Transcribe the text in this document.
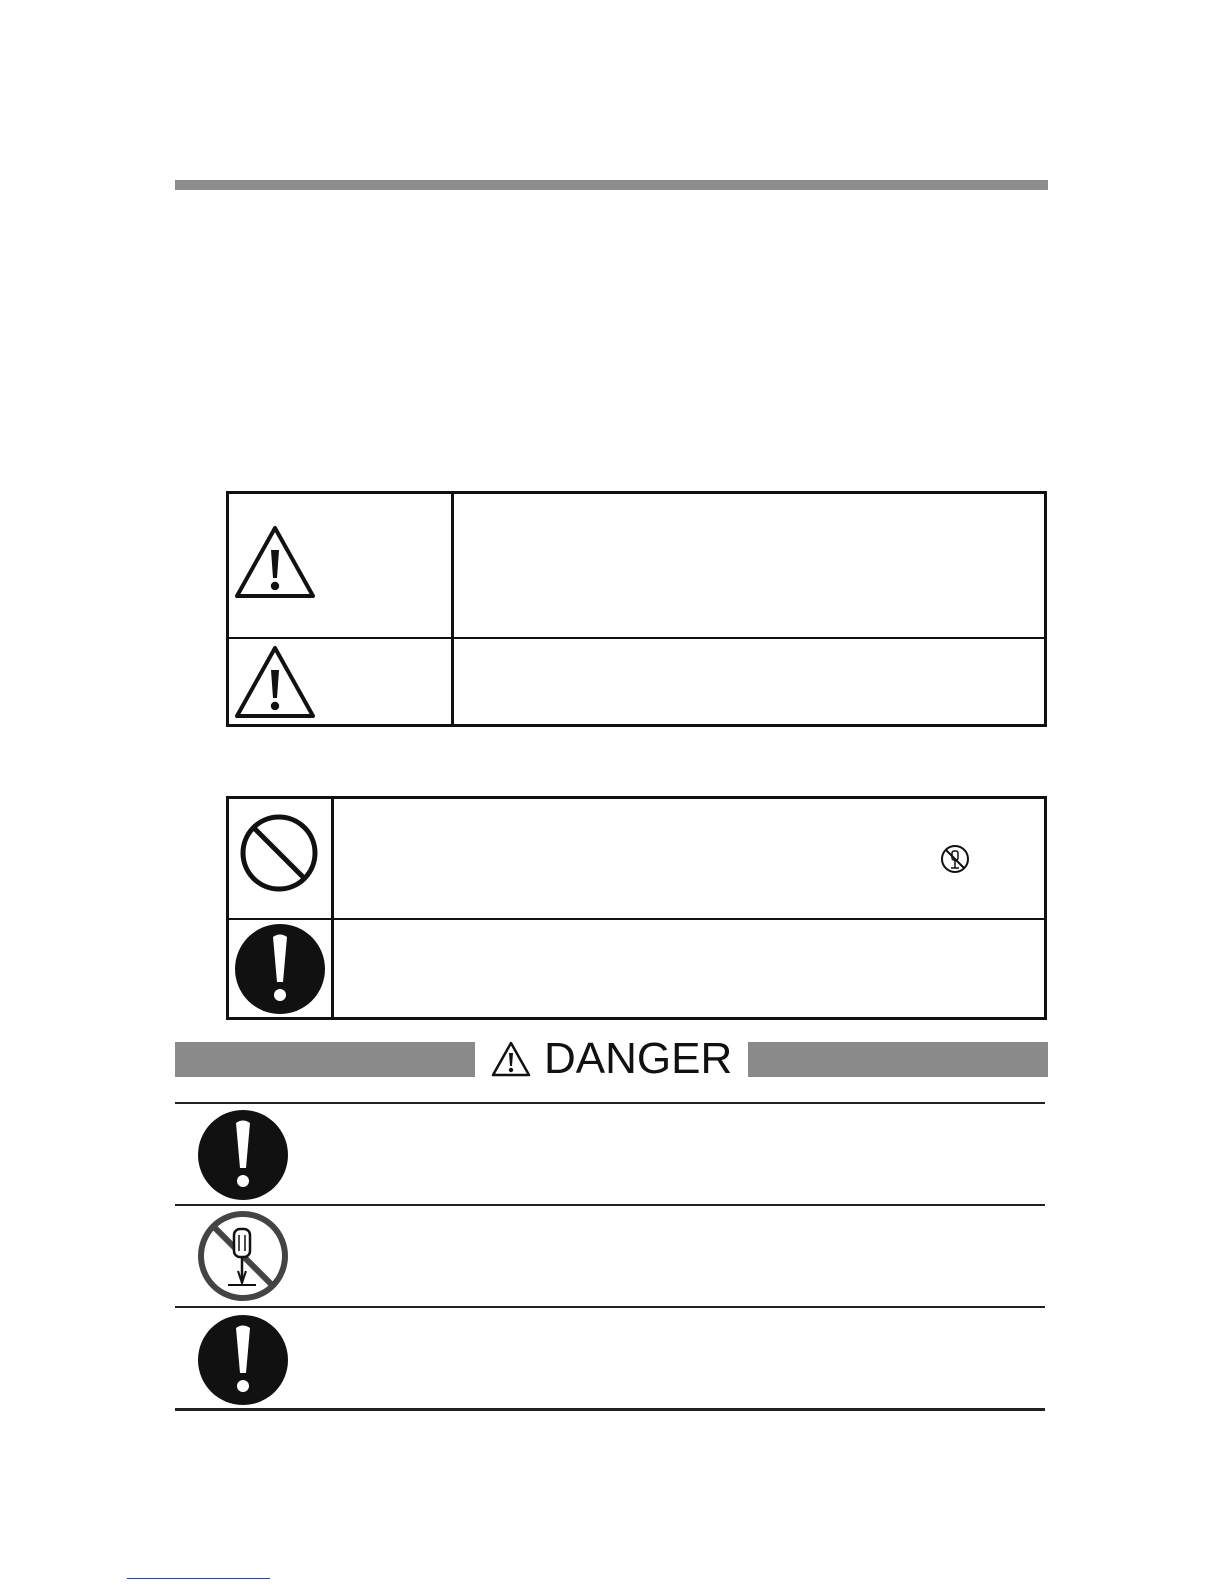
DANGER
